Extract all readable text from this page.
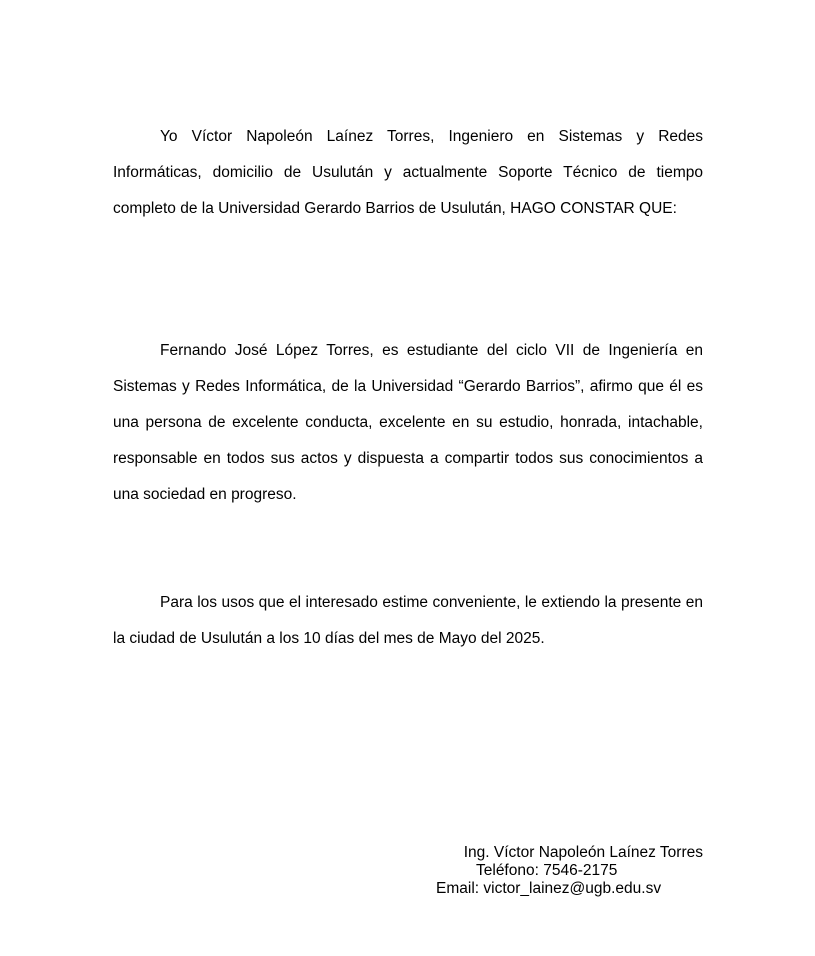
Yo Víctor Napoleón Laínez Torres, Ingeniero en Sistemas y Redes Informáticas, domicilio de Usulután y actualmente Soporte Técnico de tiempo completo de la Universidad Gerardo Barrios de Usulután, HAGO CONSTAR QUE:

Fernando José López Torres, es estudiante del ciclo VII de Ingeniería en Sistemas y Redes Informática, de la Universidad “Gerardo Barrios”, afirmo que él es una persona de excelente conducta, excelente en su estudio, honrada, intachable, responsable en todos sus actos y dispuesta a compartir todos sus conocimientos a una sociedad en progreso.

Para los usos que el interesado estime conveniente, le extiendo la presente en la ciudad de Usulután a los 10 días del mes de Mayo del 2025.

Ing. Víctor Napoleón Laínez Torres
Teléfono: 7546-2175
Email: victor_lainez@ugb.edu.sv
